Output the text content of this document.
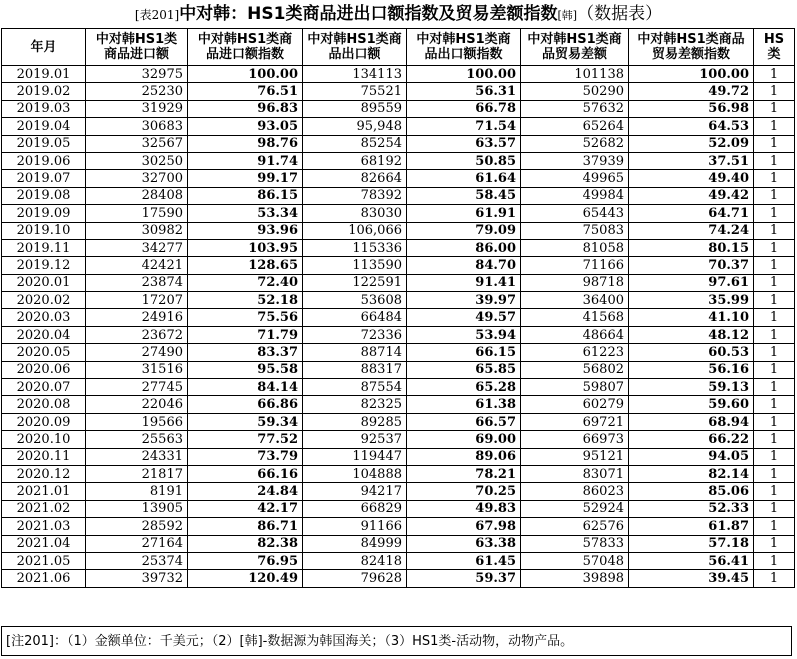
[表201]中对韩：HS1类商品进出口额指数及贸易差额指数[韩]（数据表）
年月	中对韩HS1类商品进口额	中对韩HS1类商品进口额指数	中对韩HS1类商品出口额	中对韩HS1类商品出口额指数	中对韩HS1类商品贸易差额	中对韩HS1类商品贸易差额指数	HS类
2019.01	32975	100.00	134113	100.00	101138	100.00	1
2019.02	25230	76.51	75521	56.31	50290	49.72	1
2019.03	31929	96.83	89559	66.78	57632	56.98	1
2019.04	30683	93.05	95,948	71.54	65264	64.53	1
2019.05	32567	98.76	85254	63.57	52682	52.09	1
2019.06	30250	91.74	68192	50.85	37939	37.51	1
2019.07	32700	99.17	82664	61.64	49965	49.40	1
2019.08	28408	86.15	78392	58.45	49984	49.42	1
2019.09	17590	53.34	83030	61.91	65443	64.71	1
2019.10	30982	93.96	106,066	79.09	75083	74.24	1
2019.11	34277	103.95	115336	86.00	81058	80.15	1
2019.12	42421	128.65	113590	84.70	71166	70.37	1
2020.01	23874	72.40	122591	91.41	98718	97.61	1
2020.02	17207	52.18	53608	39.97	36400	35.99	1
2020.03	24916	75.56	66484	49.57	41568	41.10	1
2020.04	23672	71.79	72336	53.94	48664	48.12	1
2020.05	27490	83.37	88714	66.15	61223	60.53	1
2020.06	31516	95.58	88317	65.85	56802	56.16	1
2020.07	27745	84.14	87554	65.28	59807	59.13	1
2020.08	22046	66.86	82325	61.38	60279	59.60	1
2020.09	19566	59.34	89285	66.57	69721	68.94	1
2020.10	25563	77.52	92537	69.00	66973	66.22	1
2020.11	24331	73.79	119447	89.06	95121	94.05	1
2020.12	21817	66.16	104888	78.21	83071	82.14	1
2021.01	8191	24.84	94217	70.25	86023	85.06	1
2021.02	13905	42.17	66829	49.83	52924	52.33	1
2021.03	28592	86.71	91166	67.98	62576	61.87	1
2021.04	27164	82.38	84999	63.38	57833	57.18	1
2021.05	25374	76.95	82418	61.45	57048	56.41	1
2021.06	39732	120.49	79628	59.37	39898	39.45	1
[注201]：（1）金额单位：千美元；（2）[韩]-数据源为韩国海关；（3）HS1类-活动物，动物产品。
